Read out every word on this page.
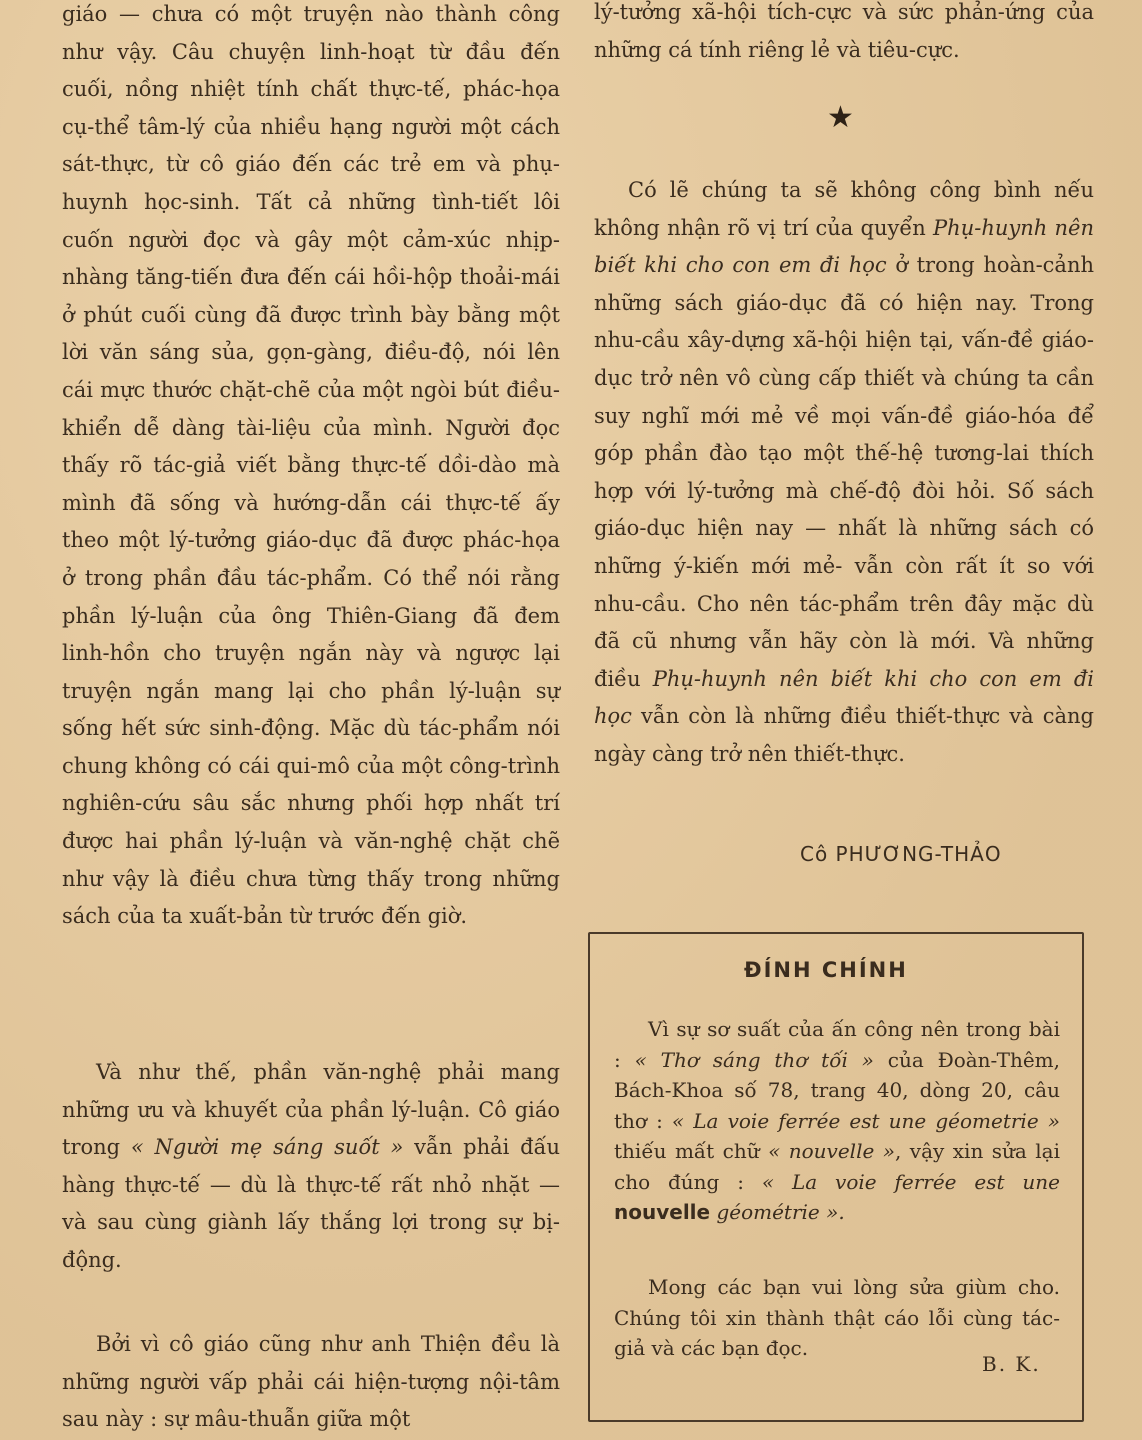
giáo — chưa có một truyện nào thành công như vậy. Câu chuyện linh-hoạt từ đầu đến cuối, nồng nhiệt tính chất thực-tế, phác-họa cụ-thể tâm-lý của nhiều hạng người một cách sát-thực, từ cô giáo đến các trẻ em và phụ-huynh học-sinh. Tất cả những tình-tiết lôi cuốn người đọc và gây một cảm-xúc nhịp-nhàng tăng-tiến đưa đến cái hồi-hộp thoải-mái ở phút cuối cùng đã được trình bày bằng một lời văn sáng sủa, gọn-gàng, điều-độ, nói lên cái mực thước chặt-chẽ của một ngòi bút điều-khiển dễ dàng tài-liệu của mình. Người đọc thấy rõ tác-giả viết bằng thực-tế dồi-dào mà mình đã sống và hướng-dẫn cái thực-tế ấy theo một lý-tưởng giáo-dục đã được phác-họa ở trong phần đầu tác-phẩm. Có thể nói rằng phần lý-luận của ông Thiên-Giang đã đem linh-hồn cho truyện ngắn này và ngược lại truyện ngắn mang lại cho phần lý-luận sự sống hết sức sinh-động. Mặc dù tác-phẩm nói chung không có cái qui-mô của một công-trình nghiên-cứu sâu sắc nhưng phối hợp nhất trí được hai phần lý-luận và văn-nghệ chặt chẽ như vậy là điều chưa từng thấy trong những sách của ta xuất-bản từ trước đến giờ.

Và như thế, phần văn-nghệ phải mang những ưu và khuyết của phần lý-luận. Cô giáo trong « Người mẹ sáng suốt » vẫn phải đấu hàng thực-tế — dù là thực-tế rất nhỏ nhặt — và sau cùng giành lấy thắng lợi trong sự bị-động.

Bởi vì cô giáo cũng như anh Thiện đều là những người vấp phải cái hiện-tượng nội-tâm sau này : sự mâu-thuẫn giữa một

lý-tưởng xã-hội tích-cực và sức phản-ứng của những cá tính riêng lẻ và tiêu-cực.

★

Có lẽ chúng ta sẽ không công bình nếu không nhận rõ vị trí của quyển Phụ-huynh nên biết khi cho con em đi học ở trong hoàn-cảnh những sách giáo-dục đã có hiện nay. Trong nhu-cầu xây-dựng xã-hội hiện tại, vấn-đề giáo-dục trở nên vô cùng cấp thiết và chúng ta cần suy nghĩ mới mẻ về mọi vấn-đề giáo-hóa để góp phần đào tạo một thế-hệ tương-lai thích hợp với lý-tưởng mà chế-độ đòi hỏi. Số sách giáo-dục hiện nay — nhất là những sách có những ý-kiến mới mẻ- vẫn còn rất ít so với nhu-cầu. Cho nên tác-phẩm trên đây mặc dù đã cũ nhưng vẫn hãy còn là mới. Và những điều Phụ-huynh nên biết khi cho con em đi học vẫn còn là những điều thiết-thực và càng ngày càng trở nên thiết-thực.

Cô PHƯƠNG-THẢO
ĐÍNH CHÍNH

Vì sự sơ suất của ấn công nên trong bài : « Thơ sáng thơ tối » của Đoàn-Thêm, Bách-Khoa số 78, trang 40, dòng 20, câu thơ : « La voie ferrée est une géometrie » thiếu mất chữ « nouvelle », vậy xin sửa lại cho đúng : « La voie ferrée est une nouvelle géométrie ».

Mong các bạn vui lòng sửa giùm cho. Chúng tôi xin thành thật cáo lỗi cùng tác-giả và các bạn đọc.

B. K.
